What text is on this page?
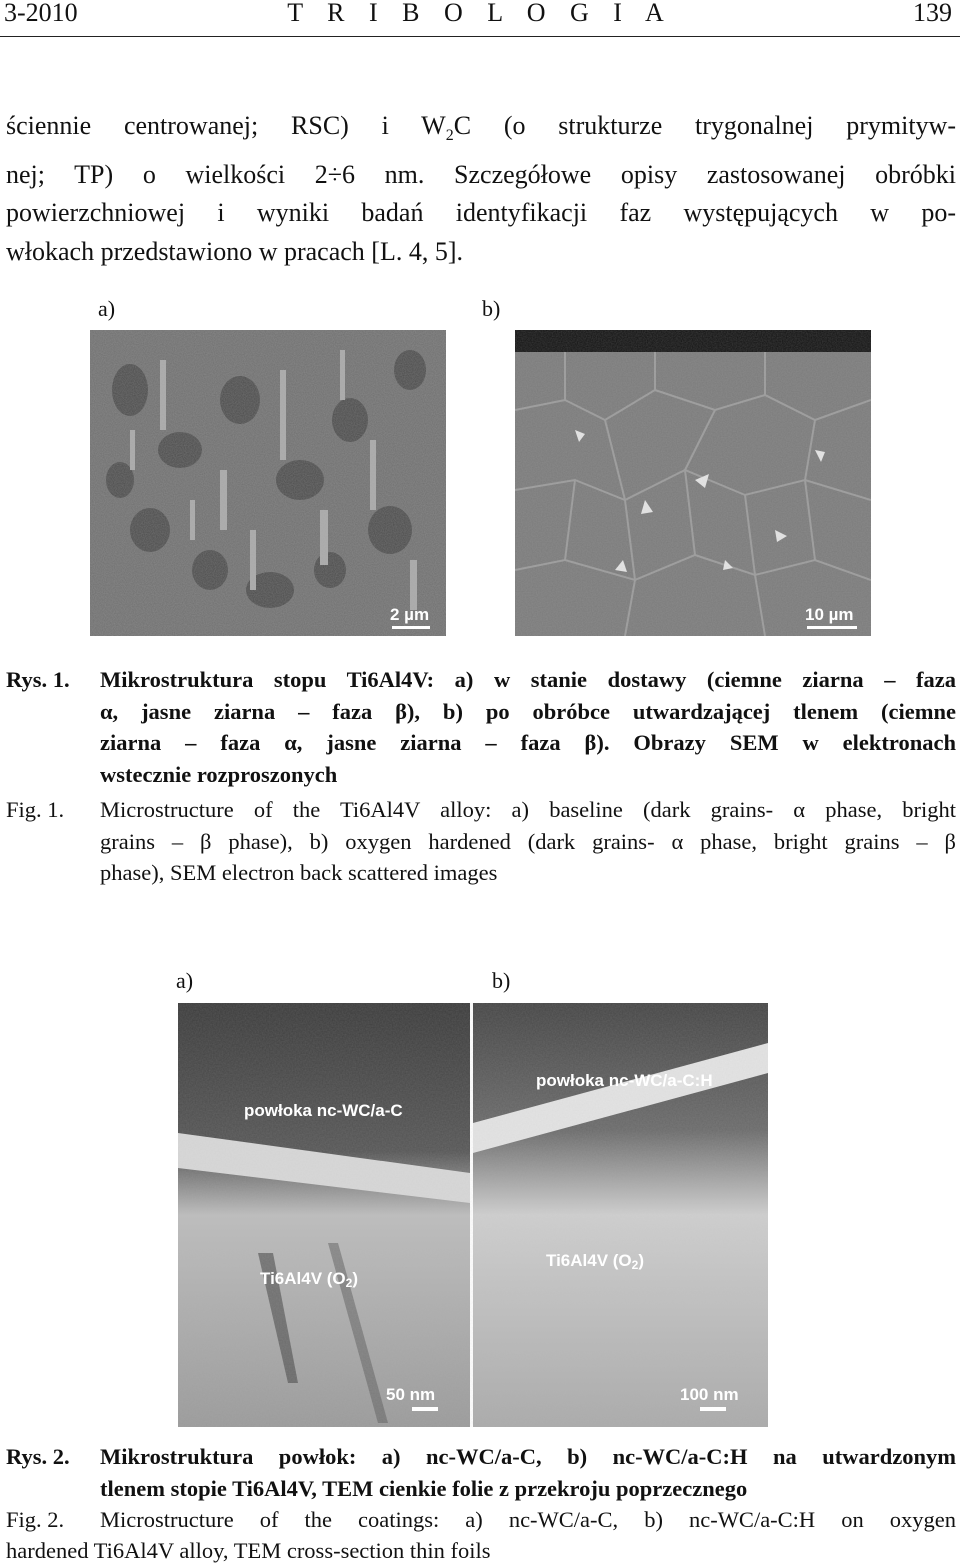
3-2010	T R I B O L O G I A	139
ściennie centrowanej; RSC) i $W_2C$ (o strukturze trygonalnej prymityw-
nej; TP) o wielkości 2÷6 nm. Szczegółowe opisy zastosowanej obróbki
powierzchniowej i wyniki badań identyfikacji faz występujących w po-
włokach przedstawiono w pracach [L. 4, 5].
a)	b)
2 µm	10 µm
Rys. 1. Mikrostruktura stopu Ti6Al4V: a) w stanie dostawy (ciemne ziarna – faza
α, jasne ziarna – faza β), b) po obróbce utwardzającej tlenem (ciemne
ziarna – faza α, jasne ziarna – faza β). Obrazy SEM w elektronach
wstecznie rozproszonych
Fig. 1. Microstructure of the Ti6Al4V alloy: a) baseline (dark grains- α phase, bright
grains – β phase), b) oxygen hardened (dark grains- α phase, bright grains – β
phase), SEM electron back scattered images
a)	b)
powłoka nc-WC/a-C
powłoka nc-WC/a-C:H
Ti6Al4V (O2)
Ti6Al4V (O2)
50 nm	100 nm
Rys. 2. Mikrostruktura powłok: a) nc-WC/a-C, b) nc-WC/a-C:H na utwardzonym
tlenem stopie Ti6Al4V, TEM cienkie folie z przekroju poprzecznego
Fig. 2. Microstructure of the coatings: a) nc-WC/a-C, b) nc-WC/a-C:H on oxygen
hardened Ti6Al4V alloy, TEM cross-section thin foils
